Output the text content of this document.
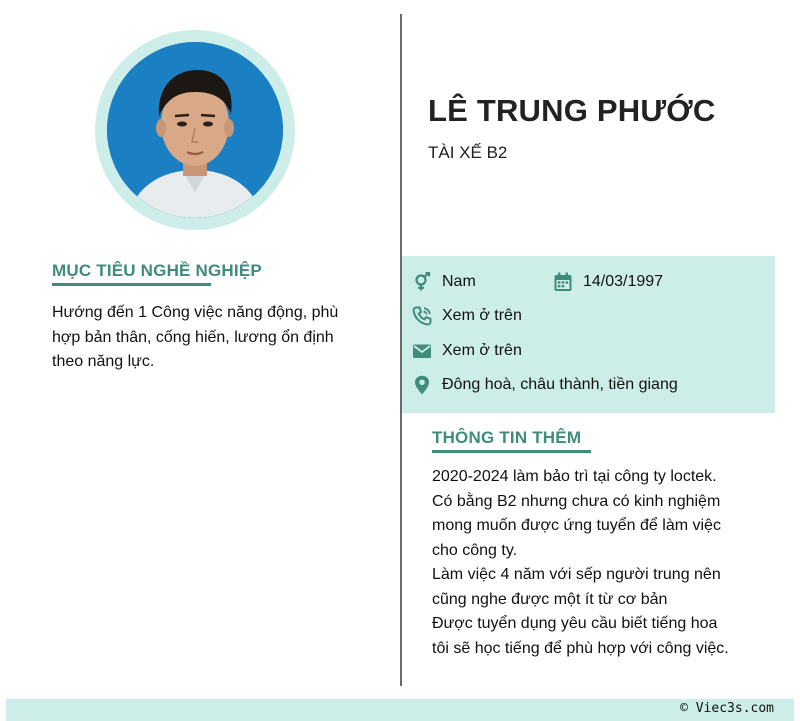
MỤC TIÊU NGHỀ NGHIỆP
Hướng đến 1 Công việc năng động, phù
hợp bản thân, cống hiến, lương ổn định
theo năng lực.
LÊ TRUNG PHƯỚC
TÀI XẾ B2
Nam	14/03/1997
Xem ở trên
Xem ở trên
Đông hoà, châu thành, tiền giang
THÔNG TIN THÊM
2020-2024 làm bảo trì tại công ty loctek.
Có bằng B2 nhưng chưa có kinh nghiệm
mong muốn được ứng tuyển để làm việc
cho công ty.
Làm việc 4 năm với sếp người trung nên
cũng nghe được một ít từ cơ bản
Được tuyển dụng yêu cầu biết tiếng hoa
tôi sẽ học tiếng để phù hợp với công việc.
© Viec3s.com
